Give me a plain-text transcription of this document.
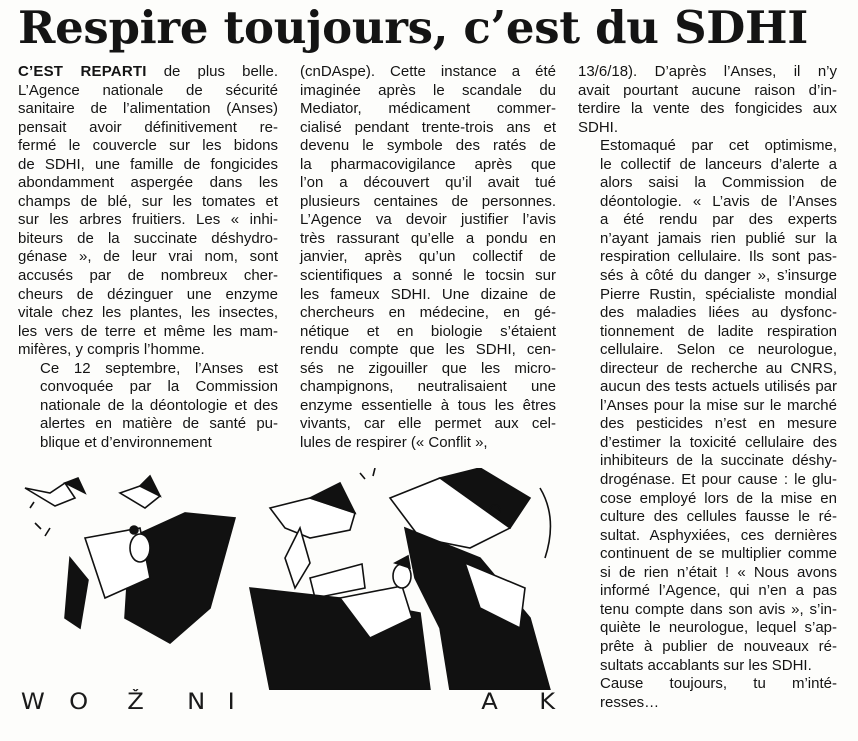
Respire toujours, c’est du SDHI

C’EST REPARTI de plus belle.
L’Agence nationale de sécurité
sanitaire de l’alimentation (Anses)
pensait avoir définitivement re-
fermé le couvercle sur les bidons
de SDHI, une famille de fongicides
abondamment aspergée dans les
champs de blé, sur les tomates et
sur les arbres fruitiers. Les « inhi-
biteurs de la succinate déshydro-
génase », de leur vrai nom, sont
accusés par de nombreux cher-
cheurs de dézinguer une enzyme
vitale chez les plantes, les insectes,
les vers de terre et même les mam-
mifères, y compris l’homme.

Ce 12 septembre, l’Anses est
convoquée par la Commission
nationale de la déontologie et des
alertes en matière de santé pu-
blique et d’environnement

(cnDAspe). Cette instance a été
imaginée après le scandale du
Mediator, médicament commer-
cialisé pendant trente-trois ans et
devenu le symbole des ratés de
la pharmacovigilance après que
l’on a découvert qu’il avait tué
plusieurs centaines de personnes.
L’Agence va devoir justifier l’avis
très rassurant qu’elle a pondu en
janvier, après qu’un collectif de
scientifiques a sonné le tocsin sur
les fameux SDHI. Une dizaine de
chercheurs en médecine, en gé-
nétique et en biologie s’étaient
rendu compte que les SDHI, cen-
sés ne zigouiller que les micro-
champignons, neutralisaient une
enzyme essentielle à tous les êtres
vivants, car elle permet aux cel-
lules de respirer (« Conflit »,

13/6/18). D’après l’Anses, il n’y
avait pourtant aucune raison d’in-
terdire la vente des fongicides aux
SDHI.

Estomaqué par cet optimisme,
le collectif de lanceurs d’alerte a
alors saisi la Commission de
déontologie. « L’avis de l’Anses
a été rendu par des experts
n’ayant jamais rien publié sur la
respiration cellulaire. Ils sont pas-
sés à côté du danger », s’insurge
Pierre Rustin, spécialiste mondial
des maladies liées au dysfonc-
tionnement de ladite respiration
cellulaire. Selon ce neurologue,
directeur de recherche au CNRS,
aucun des tests actuels utilisés par
l’Anses pour la mise sur le marché
des pesticides n’est en mesure
d’estimer la toxicité cellulaire des
inhibiteurs de la succinate déshy-
drogénase. Et pour cause : le glu-
cose employé lors de la mise en
culture des cellules fausse le ré-
sultat. Asphyxiées, ces dernières
continuent de se multiplier comme
si de rien n’était ! « Nous avons
informé l’Agence, qui n’en a pas
tenu compte dans son avis », s’in-
quiète le neurologue, lequel s’ap-
prête à publier de nouveaux ré-
sultats accablants sur les SDHI.

Cause toujours, tu m’inté-
resses…

W O Ž N I	A K
